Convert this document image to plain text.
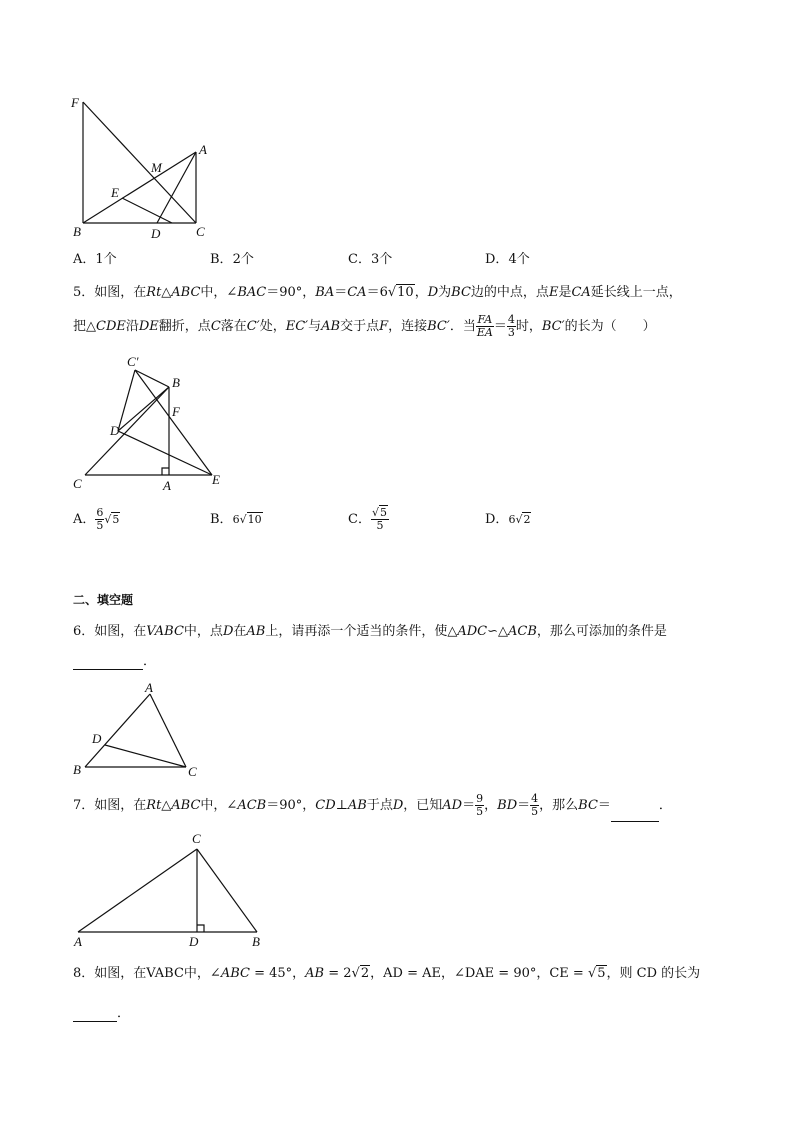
F
A
M
E
B	D	C
A．1个	B．2个	C．3个	D．4个
5．如图，在Rt△ABC中，∠BAC＝90°，BA＝CA＝6√10，D为BC边的中点，点E是CA延长线上一点，
把△CDE沿DE翻折，点C落在C′处，EC′与AB交于点F，连接BC′．当 $\frac{FA}{EA} = \frac{4}{3}$ 时，BC′的长为（　　）
C′
B
F
D
C	A	E
A． $\frac{6}{5} √5$	B．6√10	C． $\frac{√5}{5}$	D．6√2
二、填空题
6．如图，在VABC中，点D在AB上，请再添一个适当的条件，使△ADC∽△ACB，那么可添加的条件是
．
A
D
B	C
7．如图，在Rt△ABC中，∠ACB＝90°，CD⊥AB于点D，已知$AD= \frac{9}{5}$ ，$BD= \frac{4}{5}$ ，那么BC＝	．
C
A	D	B
8．如图，在VABC中，∠ABC = 45°，AB = 2√2，AD = AE，∠DAE = 90°，CE = √5，则 CD 的长为
．
